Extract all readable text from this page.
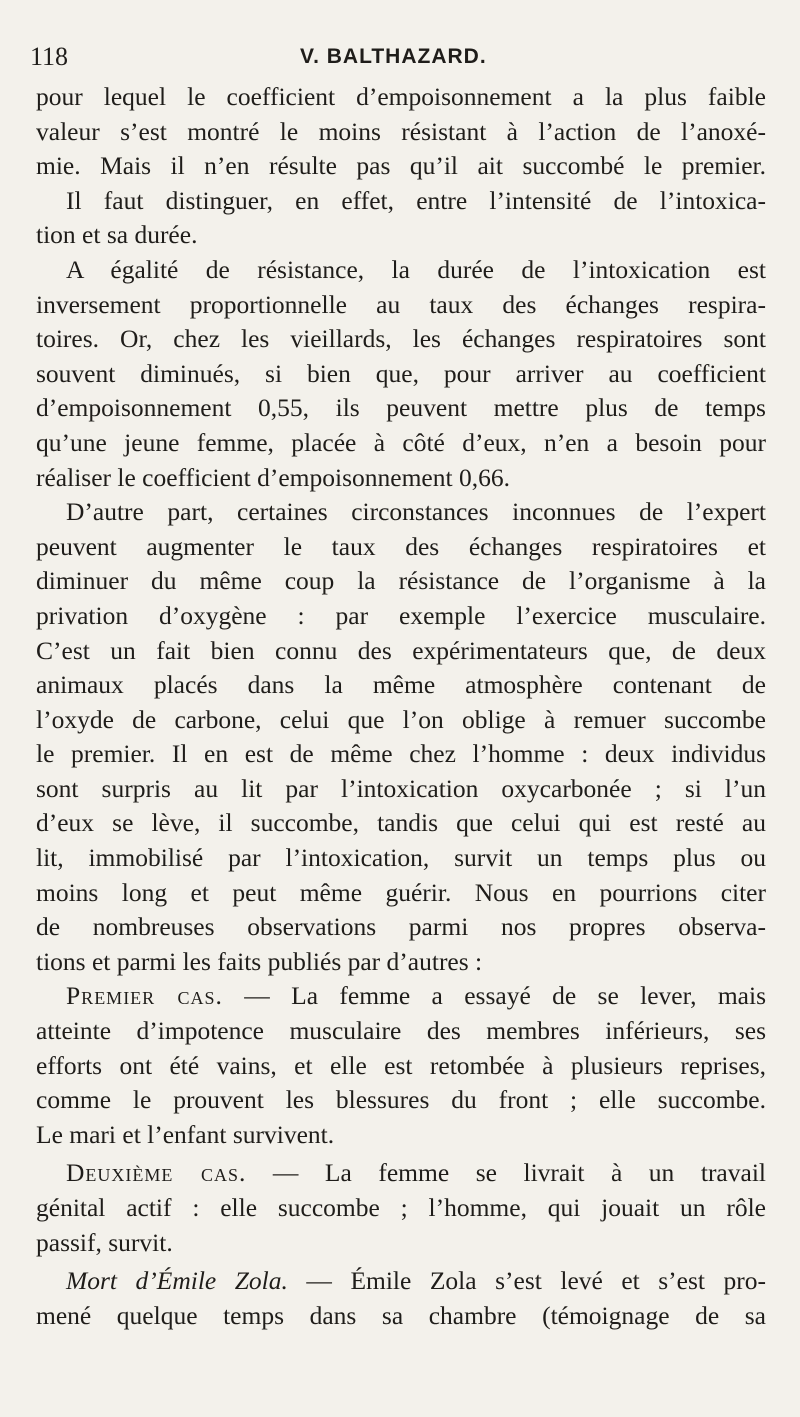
118	V. BALTHAZARD.
pour lequel le coefficient d’empoisonnement a la plus faible
valeur s’est montré le moins résistant à l’action de l’anoxé-
mie. Mais il n’en résulte pas qu’il ait succombé le premier.
Il faut distinguer, en effet, entre l’intensité de l’intoxica-
tion et sa durée.
A égalité de résistance, la durée de l’intoxication est
inversement proportionnelle au taux des échanges respira-
toires. Or, chez les vieillards, les échanges respiratoires sont
souvent diminués, si bien que, pour arriver au coefficient
d’empoisonnement 0,55, ils peuvent mettre plus de temps
qu’une jeune femme, placée à côté d’eux, n’en a besoin pour
réaliser le coefficient d’empoisonnement 0,66.
D’autre part, certaines circonstances inconnues de l’expert
peuvent augmenter le taux des échanges respiratoires et
diminuer du même coup la résistance de l’organisme à la
privation d’oxygène : par exemple l’exercice musculaire.
C’est un fait bien connu des expérimentateurs que, de deux
animaux placés dans la même atmosphère contenant de
l’oxyde de carbone, celui que l’on oblige à remuer succombe
le premier. Il en est de même chez l’homme : deux individus
sont surpris au lit par l’intoxication oxycarbonée ; si l’un
d’eux se lève, il succombe, tandis que celui qui est resté au
lit, immobilisé par l’intoxication, survit un temps plus ou
moins long et peut même guérir. Nous en pourrions citer
de nombreuses observations parmi nos propres observa-
tions et parmi les faits publiés par d’autres :
Premier cas. — La femme a essayé de se lever, mais
atteinte d’impotence musculaire des membres inférieurs, ses
efforts ont été vains, et elle est retombée à plusieurs reprises,
comme le prouvent les blessures du front ; elle succombe.
Le mari et l’enfant survivent.
Deuxième cas. — La femme se livrait à un travail
génital actif : elle succombe ; l’homme, qui jouait un rôle
passif, survit.
Mort d’Émile Zola. — Émile Zola s’est levé et s’est pro-
mené quelque temps dans sa chambre (témoignage de sa
